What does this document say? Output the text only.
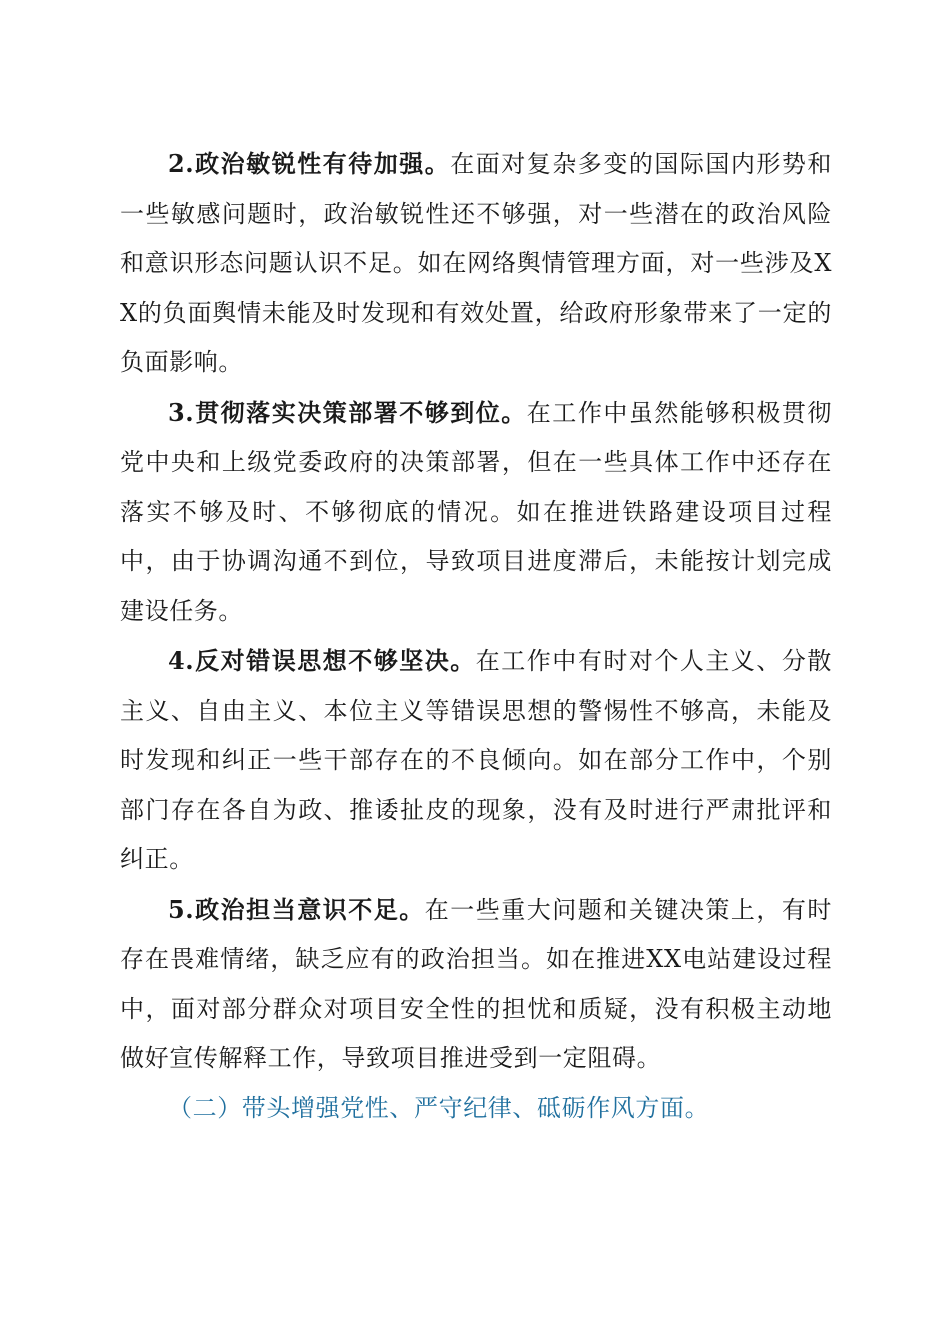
2.政治敏锐性有待加强。在面对复杂多变的国际国内形势和一些敏感问题时，政治敏锐性还不够强，对一些潜在的政治风险和意识形态问题认识不足。如在网络舆情管理方面，对一些涉及XX的负面舆情未能及时发现和有效处置，给政府形象带来了一定的负面影响。

3.贯彻落实决策部署不够到位。在工作中虽然能够积极贯彻党中央和上级党委政府的决策部署，但在一些具体工作中还存在落实不够及时、不够彻底的情况。如在推进铁路建设项目过程中，由于协调沟通不到位，导致项目进度滞后，未能按计划完成建设任务。

4.反对错误思想不够坚决。在工作中有时对个人主义、分散主义、自由主义、本位主义等错误思想的警惕性不够高，未能及时发现和纠正一些干部存在的不良倾向。如在部分工作中，个别部门存在各自为政、推诿扯皮的现象，没有及时进行严肃批评和纠正。

5.政治担当意识不足。在一些重大问题和关键决策上，有时存在畏难情绪，缺乏应有的政治担当。如在推进XX电站建设过程中，面对部分群众对项目安全性的担忧和质疑，没有积极主动地做好宣传解释工作，导致项目推进受到一定阻碍。

（二）带头增强党性、严守纪律、砥砺作风方面。
